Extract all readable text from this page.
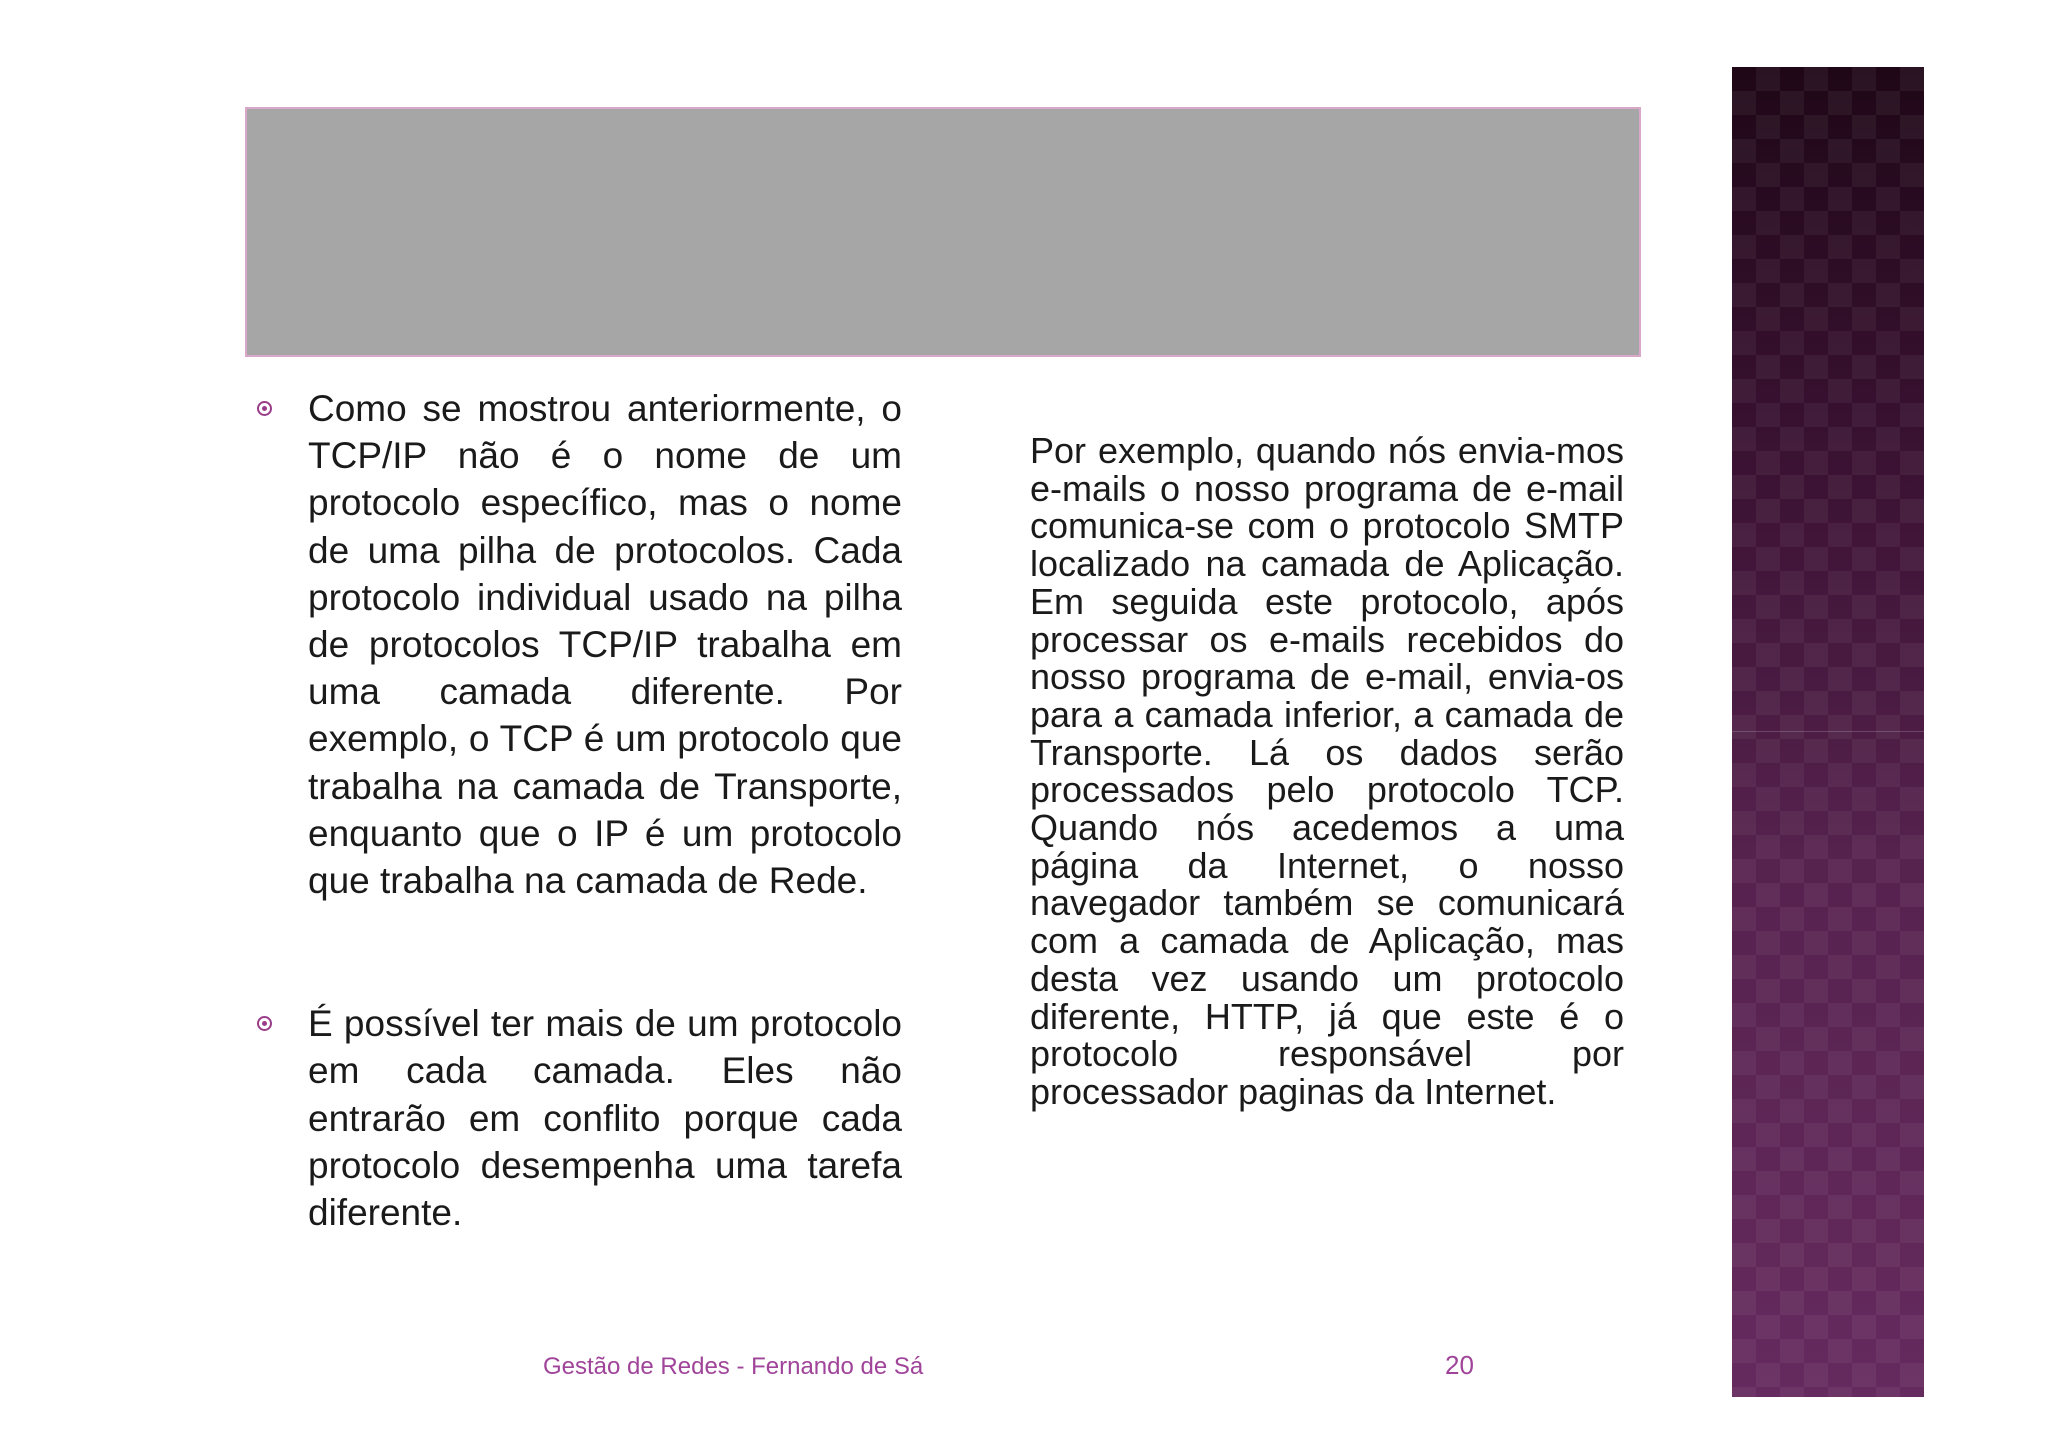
Como se mostrou anteriormente, o TCP/IP não é o nome de um protocolo específico, mas o nome de uma pilha de protocolos. Cada protocolo individual usado na pilha de protocolos TCP/IP trabalha em uma camada diferente. Por exemplo, o TCP é um protocolo que trabalha na camada de Transporte, enquanto que o IP é um protocolo que trabalha na camada de Rede.
É possível ter mais de um protocolo em cada camada. Eles não entrarão em conflito porque cada protocolo desempenha uma tarefa diferente.
Por exemplo, quando nós envia-mos e-mails o nosso programa de e-mail comunica-se com o protocolo SMTP localizado na camada de Aplicação. Em seguida este protocolo, após processar os e-mails recebidos do nosso programa de e-mail, envia-os para a camada inferior, a camada de Transporte. Lá os dados serão processados pelo protocolo TCP. Quando nós acedemos a uma página da Internet, o nosso navegador também se comunicará com a camada de Aplicação, mas desta vez usando um protocolo diferente, HTTP, já que este é o protocolo responsável por processador paginas da Internet.
Gestão de Redes - Fernando de Sá	20
